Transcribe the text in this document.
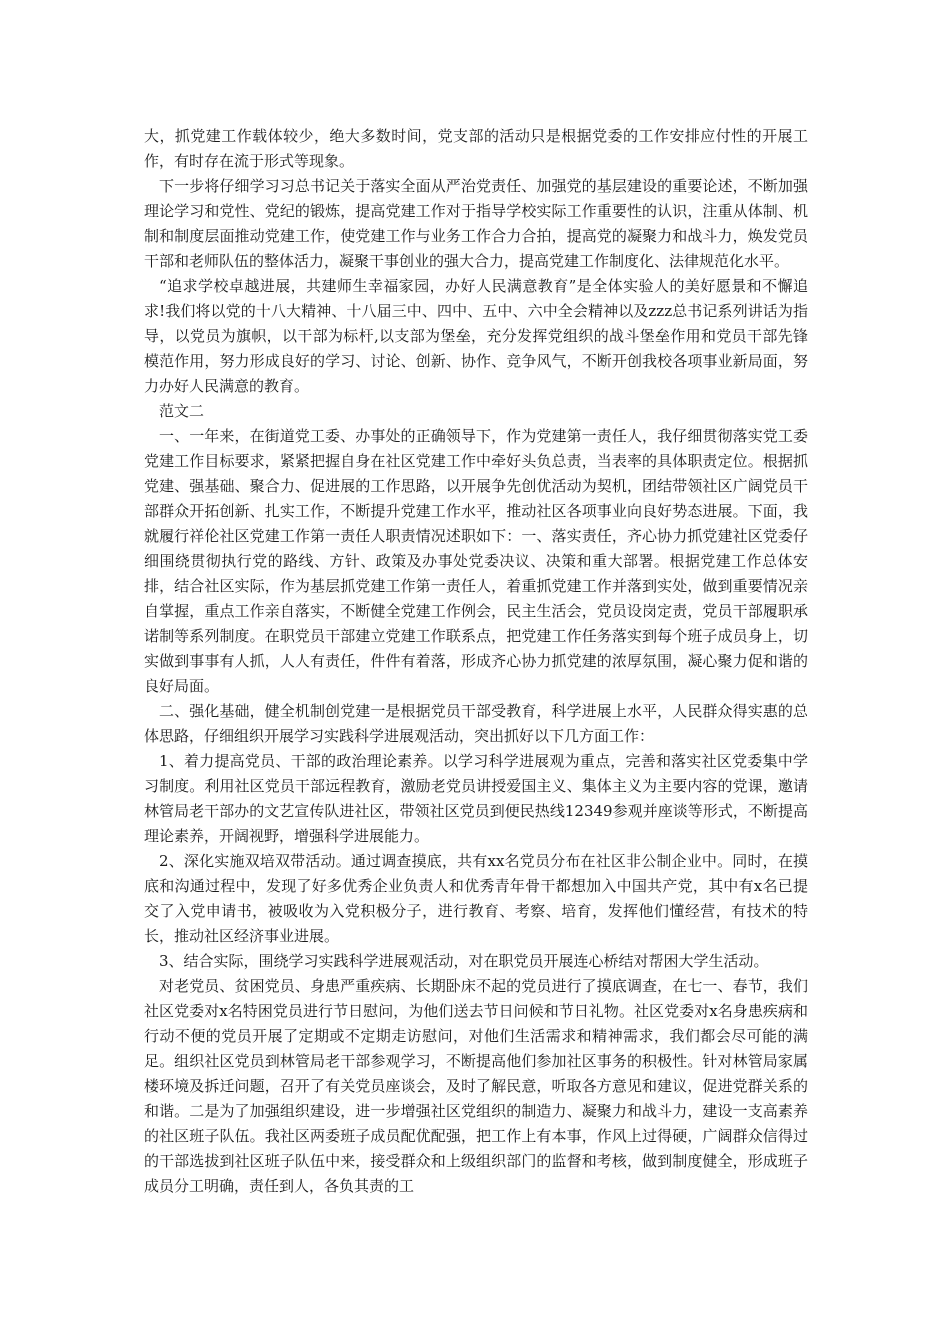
大，抓党建工作载体较少，绝大多数时间，党支部的活动只是根据党委的工作安排应付性的开展工作，有时存在流于形式等现象。

下一步将仔细学习习总书记关于落实全面从严治党责任、加强党的基层建设的重要论述，不断加强理论学习和党性、党纪的锻炼，提高党建工作对于指导学校实际工作重要性的认识，注重从体制、机制和制度层面推动党建工作，使党建工作与业务工作合力合拍，提高党的凝聚力和战斗力，焕发党员干部和老师队伍的整体活力，凝聚干事创业的强大合力，提高党建工作制度化、法律规范化水平。

“追求学校卓越进展，共建师生幸福家园，办好人民满意教育”是全体实验人的美好愿景和不懈追求!我们将以党的十八大精神、十八届三中、四中、五中、六中全会精神以及zzz总书记系列讲话为指导，以党员为旗帜，以干部为标杆,以支部为堡垒，充分发挥党组织的战斗堡垒作用和党员干部先锋模范作用，努力形成良好的学习、讨论、创新、协作、竞争风气，不断开创我校各项事业新局面，努力办好人民满意的教育。

范文二

一、一年来，在街道党工委、办事处的正确领导下，作为党建第一责任人，我仔细贯彻落实党工委党建工作目标要求，紧紧把握自身在社区党建工作中牵好头负总责，当表率的具体职责定位。根据抓党建、强基础、聚合力、促进展的工作思路，以开展争先创优活动为契机，团结带领社区广阔党员干部群众开拓创新、扎实工作，不断提升党建工作水平，推动社区各项事业向良好势态进展。下面，我就履行祥伦社区党建工作第一责任人职责情况述职如下：一、落实责任，齐心协力抓党建社区党委仔细围绕贯彻执行党的路线、方针、政策及办事处党委决议、决策和重大部署。根据党建工作总体安排，结合社区实际，作为基层抓党建工作第一责任人，着重抓党建工作并落到实处，做到重要情况亲自掌握，重点工作亲自落实，不断健全党建工作例会，民主生活会，党员设岗定责，党员干部履职承诺制等系列制度。在职党员干部建立党建工作联系点，把党建工作任务落实到每个班子成员身上，切实做到事事有人抓，人人有责任，件件有着落，形成齐心协力抓党建的浓厚氛围，凝心聚力促和谐的良好局面。

二、强化基础，健全机制创党建一是根据党员干部受教育，科学进展上水平，人民群众得实惠的总体思路，仔细组织开展学习实践科学进展观活动，突出抓好以下几方面工作：

1、着力提高党员、干部的政治理论素养。以学习科学进展观为重点，完善和落实社区党委集中学习制度。利用社区党员干部远程教育，激励老党员讲授爱国主义、集体主义为主要内容的党课，邀请林管局老干部办的文艺宣传队进社区，带领社区党员到便民热线12349参观并座谈等形式，不断提高理论素养，开阔视野，增强科学进展能力。

2、深化实施双培双带活动。通过调查摸底，共有xx名党员分布在社区非公制企业中。同时，在摸底和沟通过程中，发现了好多优秀企业负责人和优秀青年骨干都想加入中国共产党，其中有x名已提交了入党申请书，被吸收为入党积极分子，进行教育、考察、培育，发挥他们懂经营，有技术的特长，推动社区经济事业进展。

3、结合实际，围绕学习实践科学进展观活动，对在职党员开展连心桥结对帮困大学生活动。

对老党员、贫困党员、身患严重疾病、长期卧床不起的党员进行了摸底调查，在七一、春节，我们社区党委对x名特困党员进行节日慰问，为他们送去节日问候和节日礼物。社区党委对x名身患疾病和行动不便的党员开展了定期或不定期走访慰问，对他们生活需求和精神需求，我们都会尽可能的满足。组织社区党员到林管局老干部参观学习，不断提高他们参加社区事务的积极性。针对林管局家属楼环境及拆迁问题，召开了有关党员座谈会，及时了解民意，听取各方意见和建议，促进党群关系的和谐。二是为了加强组织建设，进一步增强社区党组织的制造力、凝聚力和战斗力，建设一支高素养的社区班子队伍。我社区两委班子成员配优配强，把工作上有本事，作风上过得硬，广阔群众信得过的干部选拔到社区班子队伍中来，接受群众和上级组织部门的监督和考核，做到制度健全，形成班子成员分工明确，责任到人，各负其责的工
